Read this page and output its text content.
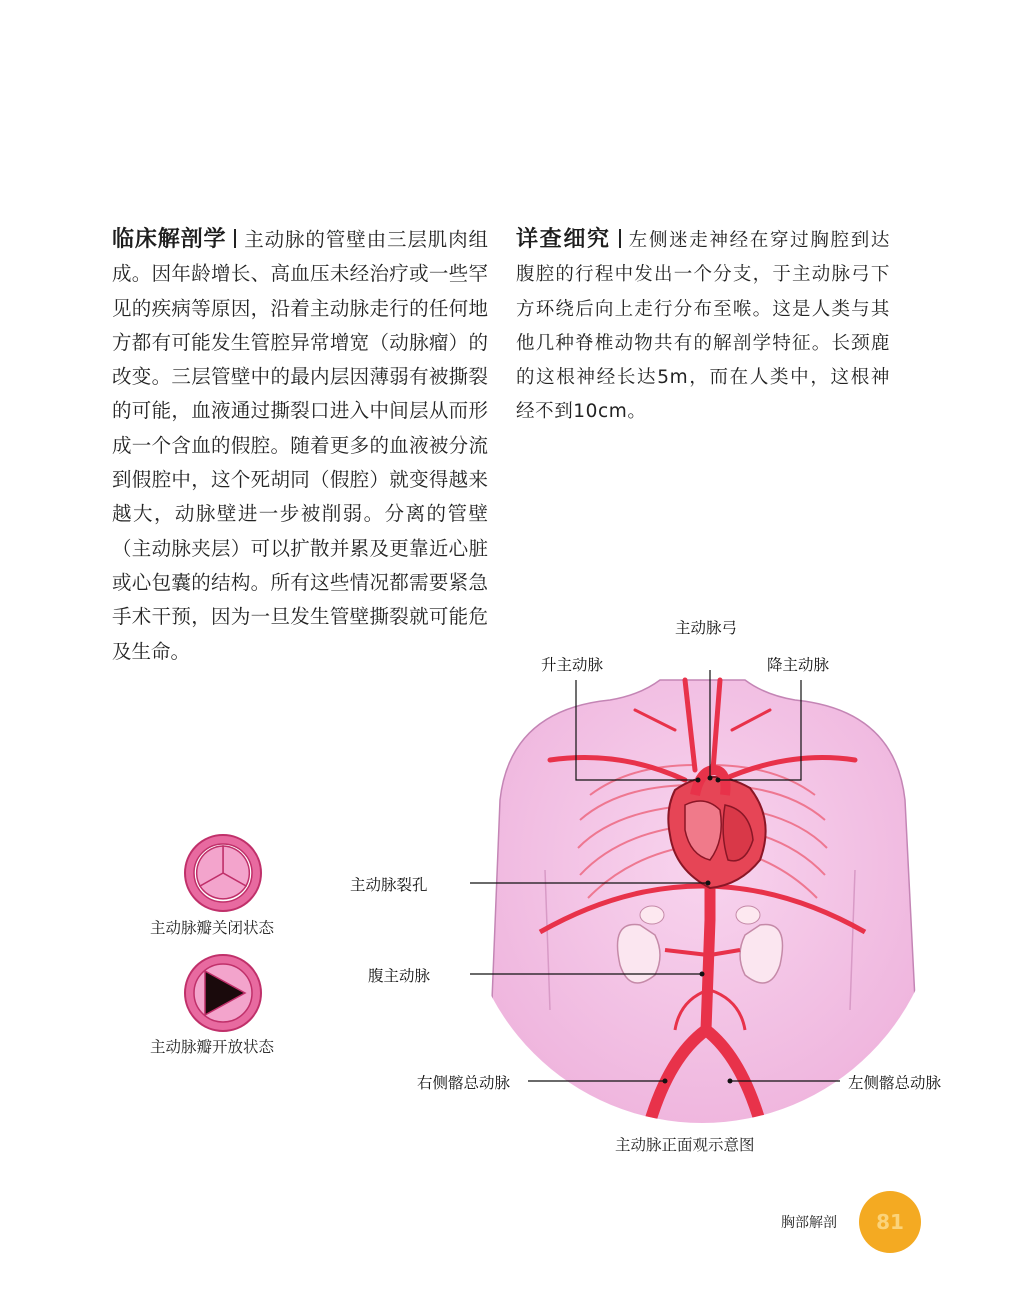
临床解剖学 主动脉的管壁由三层肌肉组成。因年龄增长、高血压未经治疗或一些罕见的疾病等原因，沿着主动脉走行的任何地方都有可能发生管腔异常增宽（动脉瘤）的改变。三层管壁中的最内层因薄弱有被撕裂的可能，血液通过撕裂口进入中间层从而形成一个含血的假腔。随着更多的血液被分流到假腔中，这个死胡同（假腔）就变得越来越大，动脉壁进一步被削弱。分离的管壁（主动脉夹层）可以扩散并累及更靠近心脏或心包囊的结构。所有这些情况都需要紧急手术干预，因为一旦发生管壁撕裂就可能危及生命。
详查细究 左侧迷走神经在穿过胸腔到达腹腔的行程中发出一个分支，于主动脉弓下方环绕后向上走行分布至喉。这是人类与其他几种脊椎动物共有的解剖学特征。长颈鹿的这根神经长达5m，而在人类中，这根神经不到10cm。
主动脉瓣关闭状态
主动脉瓣开放状态
主动脉弓
升主动脉	降主动脉
主动脉裂孔
腹主动脉
右侧髂总动脉	左侧髂总动脉
主动脉正面观示意图
胸部解剖 81
